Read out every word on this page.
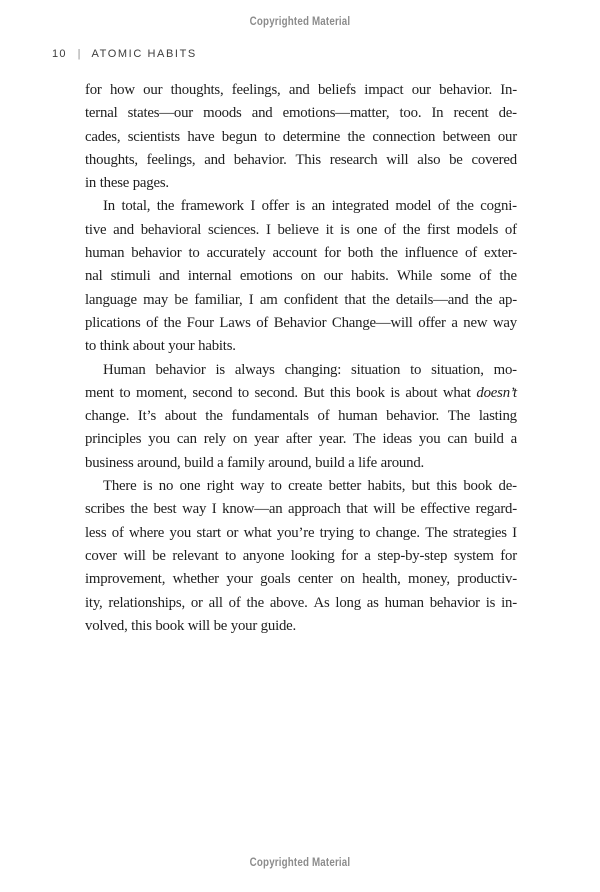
Copyrighted Material
10 | ATOMIC HABITS
for how our thoughts, feelings, and beliefs impact our behavior. In-
ternal states—our moods and emotions—matter, too. In recent de-
cades, scientists have begun to determine the connection between our
thoughts, feelings, and behavior. This research will also be covered
in these pages.
In total, the framework I offer is an integrated model of the cogni-
tive and behavioral sciences. I believe it is one of the first models of
human behavior to accurately account for both the influence of exter-
nal stimuli and internal emotions on our habits. While some of the
language may be familiar, I am confident that the details—and the ap-
plications of the Four Laws of Behavior Change—will offer a new way
to think about your habits.
Human behavior is always changing: situation to situation, mo-
ment to moment, second to second. But this book is about what doesn’t
change. It’s about the fundamentals of human behavior. The lasting
principles you can rely on year after year. The ideas you can build a
business around, build a family around, build a life around.
There is no one right way to create better habits, but this book de-
scribes the best way I know—an approach that will be effective regard-
less of where you start or what you’re trying to change. The strategies I
cover will be relevant to anyone looking for a step-by-step system for
improvement, whether your goals center on health, money, productiv-
ity, relationships, or all of the above. As long as human behavior is in-
volved, this book will be your guide.
Copyrighted Material
